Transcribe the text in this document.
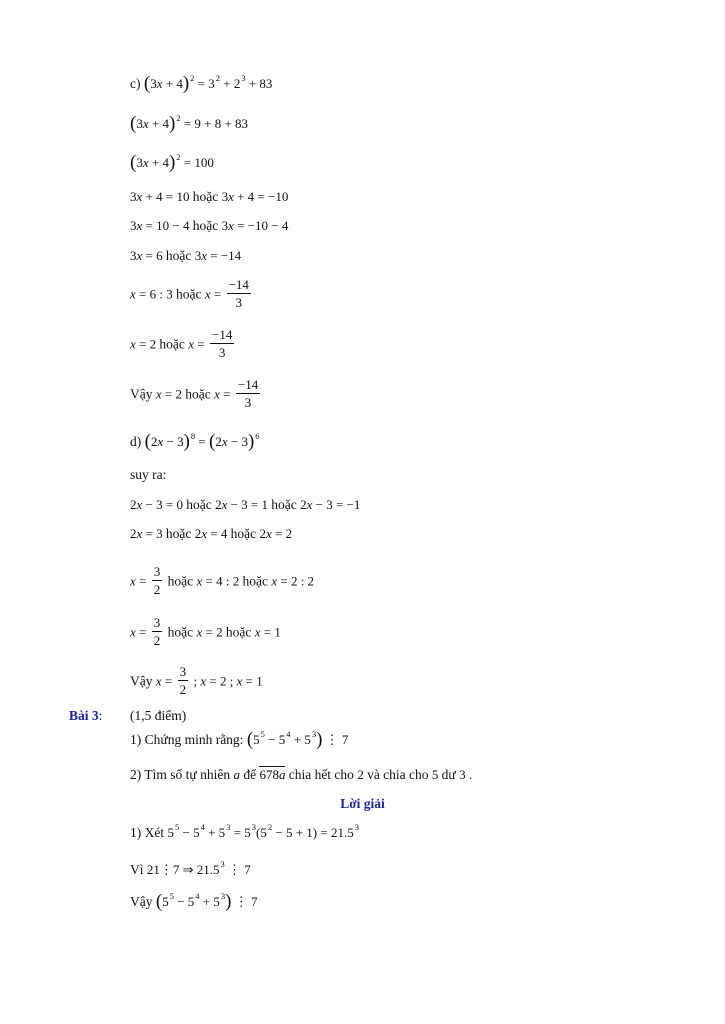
c) $(3x + 4)^2 = 3^2 + 2^3 + 83$
$(3x + 4)^2 = 9 + 8 + 83$
$(3x + 4)^2 = 100$
3x + 4 = 10 hoặc 3x + 4 = −10
3x = 10 − 4 hoặc 3x = −10 − 4
3x = 6 hoặc 3x = −14
x = 6 : 3 hoặc $x = \frac{-14}{3}$
x = 2 hoặc $x = \frac{-14}{3}$
Vậy x = 2 hoặc $x = \frac{-14}{3}$
d) $(2x - 3)^8 = (2x - 3)^6$
suy ra:
2x − 3 = 0 hoặc 2x − 3 = 1 hoặc 2x − 3 = −1
2x = 3 hoặc 2x = 4 hoặc 2x = 2
$x = \frac{3}{2}$ hoặc x = 4 : 2 hoặc x = 2 : 2
$x = \frac{3}{2}$ hoặc x = 2 hoặc x = 1
Vậy $x = \frac{3}{2}$ ; x = 2 ; x = 1
Bài 3: (1,5 điểm)
1) Chứng minh rằng: $(5^5 - 5^4 + 5^3)$ ⋮ 7
2) Tìm số tự nhiên a để 678a chia hết cho 2 và chia cho 5 dư 3 .
Lời giải
1) Xét $5^5 - 5^4 + 5^3 = 5^3(5^2 - 5 + 1) = 21.5^3$
Vì 21⋮7 ⇒ 21.5$^3$ ⋮ 7
Vậy $(5^5 - 5^4 + 5^3)$ ⋮ 7
